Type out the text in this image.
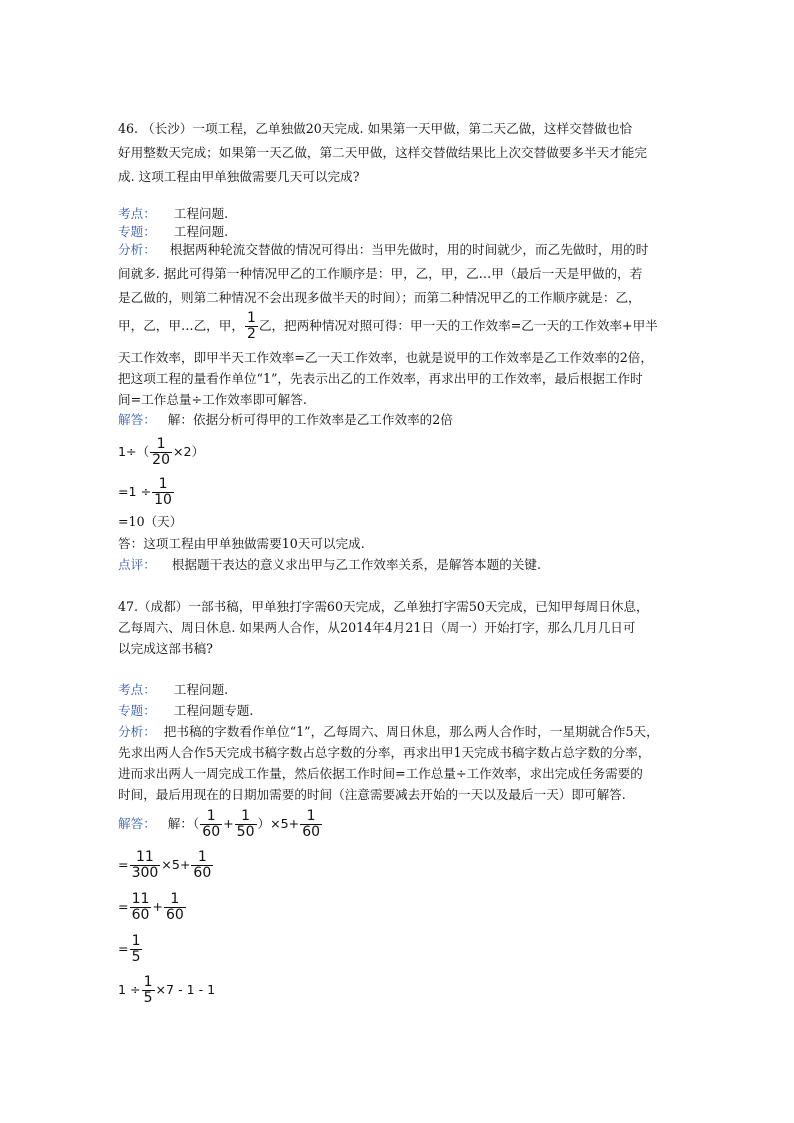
46. （长沙）一项工程，乙单独做20天完成. 如果第一天甲做，第二天乙做，这样交替做也恰
好用整数天完成；如果第一天乙做，第二天甲做，这样交替做结果比上次交替做要多半天才能完
成. 这项工程由甲单独做需要几天可以完成?
考点： 工程问题.
专题： 工程问题.
分析： 根据两种轮流交替做的情况可得出：当甲先做时，用的时间就少，而乙先做时，用的时
间就多. 据此可得第一种情况甲乙的工作顺序是：甲，乙，甲，乙…甲（最后一天是甲做的，若
是乙做的，则第二种情况不会出现多做半天的时间）；而第二种情况甲乙的工作顺序就是：乙，
甲，乙，甲…乙，甲， $\frac{1}{2}$ 乙，把两种情况对照可得：甲一天的工作效率=乙一天的工作效率+甲半
天工作效率，即甲半天工作效率=乙一天工作效率，也就是说甲的工作效率是乙工作效率的2倍，
把这项工程的量看作单位“1”，先表示出乙的工作效率，再求出甲的工作效率，最后根据工作时
间=工作总量÷工作效率即可解答.
解答： 解：依据分析可得甲的工作效率是乙工作效率的2倍
$1\div( \frac{1}{20} \times 2)$
$=1 \div \frac{1}{10}$
=10（天）
答：这项工程由甲单独做需要10天可以完成.
点评： 根据题干表达的意义求出甲与乙工作效率关系，是解答本题的关键.
47.（成都）一部书稿，甲单独打字需60天完成，乙单独打字需50天完成，已知甲每周日休息，
乙每周六、周日休息. 如果两人合作，从2014年4月21日（周一）开始打字，那么几月几日可
以完成这部书稿?
考点： 工程问题.
专题： 工程问题专题.
分析： 把书稿的字数看作单位“1”，乙每周六、周日休息，那么两人合作时，一星期就合作5天，
先求出两人合作5天完成书稿字数占总字数的分率，再求出甲1天完成书稿字数占总字数的分率，
进而求出两人一周完成工作量，然后依据工作时间=工作总量÷工作效率，求出完成任务需要的
时间，最后用现在的日期加需要的时间（注意需要减去开始的一天以及最后一天）即可解答.
解答： 解：（ $\frac{1}{60} + \frac{1}{50} )\times 5+ \frac{1}{60}$
= $\frac{11}{300} \times 5+ \frac{1}{60}$
= $\frac{11}{60} + \frac{1}{60}$
= $\frac{1}{5}$
$1 \div \frac{1}{5} \times 7 - 1 - 1$
